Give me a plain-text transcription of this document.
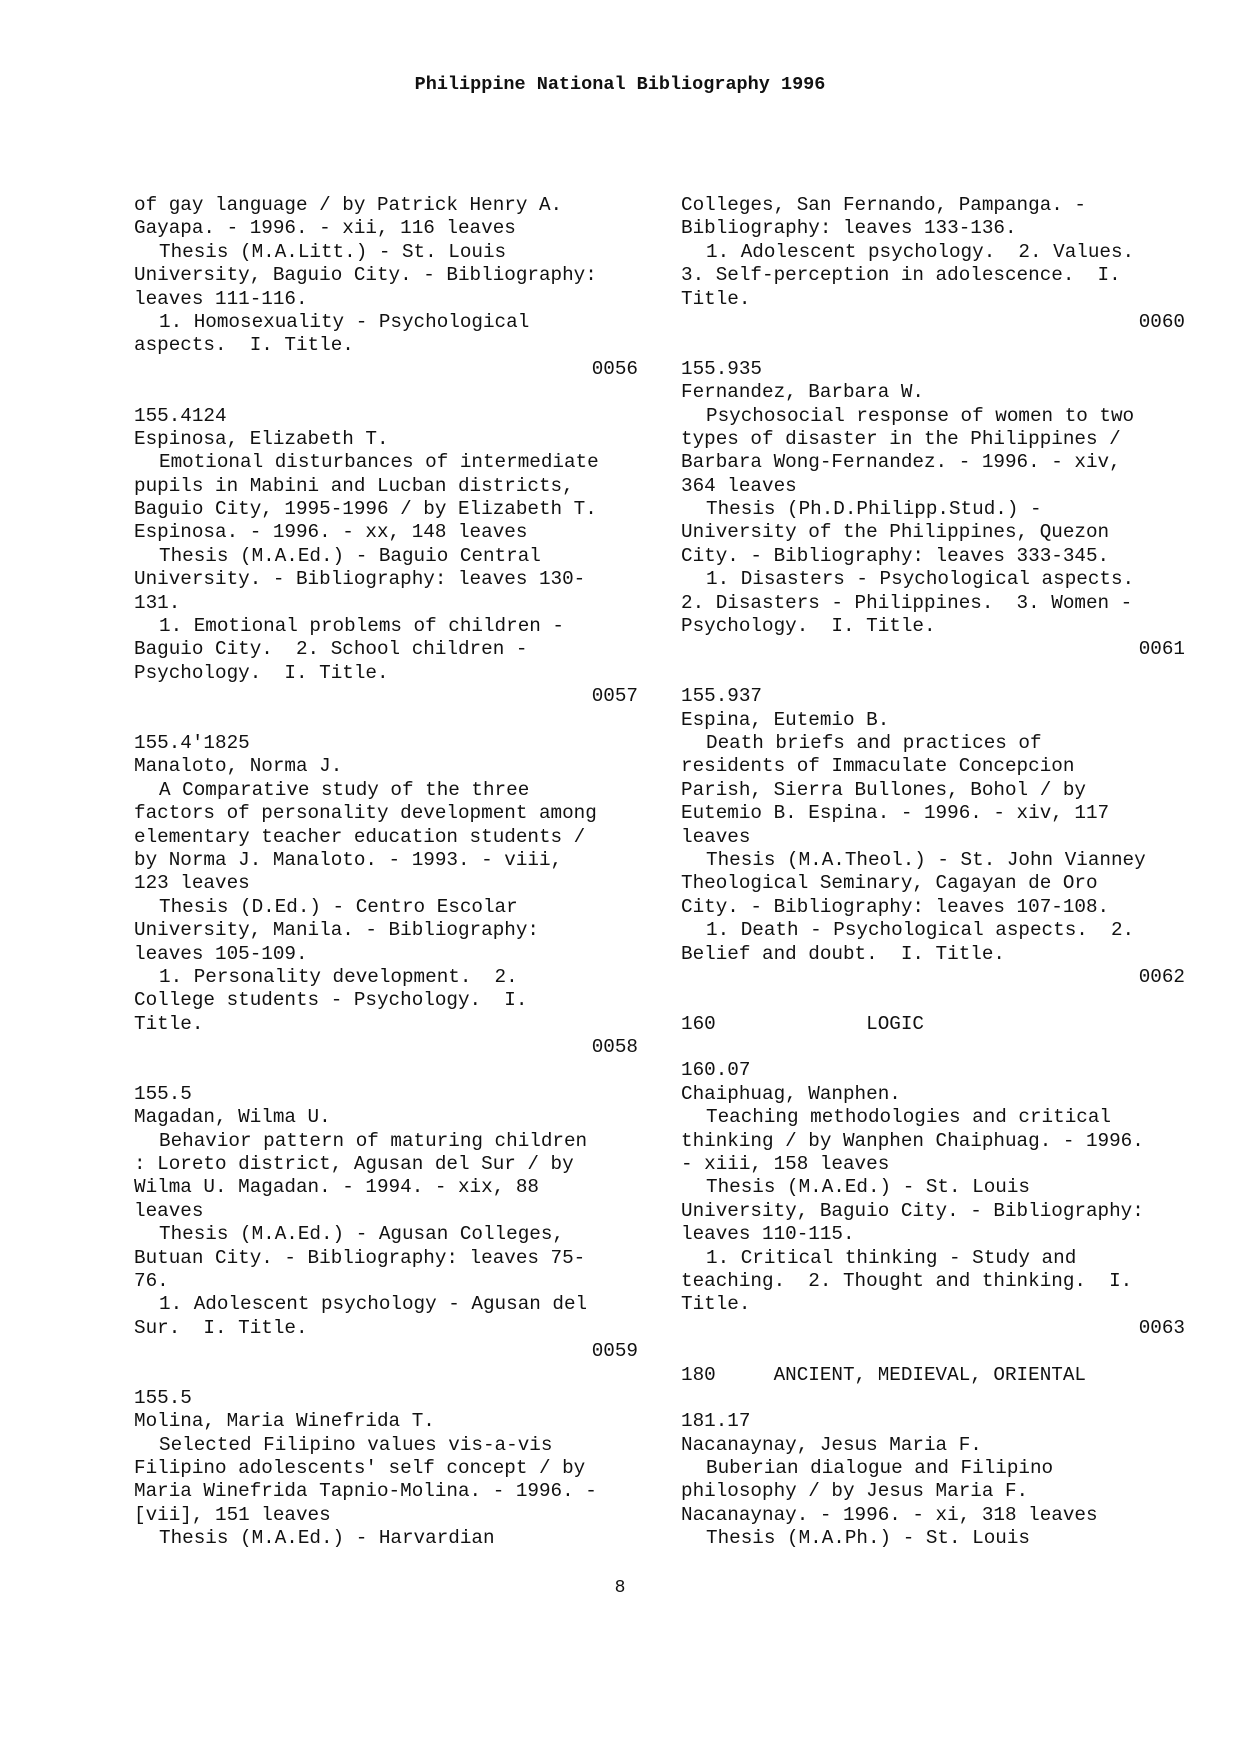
Philippine National Bibliography 1996
of gay language / by Patrick Henry A.
Gayapa. - 1996. - xii, 116 leaves
Thesis (M.A.Litt.) - St. Louis
University, Baguio City. - Bibliography:
leaves 111-116.
1. Homosexuality - Psychological
aspects.  I. Title.
0056
155.4124
Espinosa, Elizabeth T.
Emotional disturbances of intermediate
pupils in Mabini and Lucban districts,
Baguio City, 1995-1996 / by Elizabeth T.
Espinosa. - 1996. - xx, 148 leaves
Thesis (M.A.Ed.) - Baguio Central
University. - Bibliography: leaves 130-
131.
1. Emotional problems of children -
Baguio City.  2. School children -
Psychology.  I. Title.
0057
155.4'1825
Manaloto, Norma J.
A Comparative study of the three
factors of personality development among
elementary teacher education students /
by Norma J. Manaloto. - 1993. - viii,
123 leaves
Thesis (D.Ed.) - Centro Escolar
University, Manila. - Bibliography:
leaves 105-109.
1. Personality development.  2.
College students - Psychology.  I.
Title.
0058
155.5
Magadan, Wilma U.
Behavior pattern of maturing children
: Loreto district, Agusan del Sur / by
Wilma U. Magadan. - 1994. - xix, 88
leaves
Thesis (M.A.Ed.) - Agusan Colleges,
Butuan City. - Bibliography: leaves 75-
76.
1. Adolescent psychology - Agusan del
Sur.  I. Title.
0059
155.5
Molina, Maria Winefrida T.
Selected Filipino values vis-a-vis
Filipino adolescents' self concept / by
Maria Winefrida Tapnio-Molina. - 1996. -
[vii], 151 leaves
Thesis (M.A.Ed.) - Harvardian
Colleges, San Fernando, Pampanga. -
Bibliography: leaves 133-136.
1. Adolescent psychology.  2. Values.
3. Self-perception in adolescence.  I.
Title.
0060
155.935
Fernandez, Barbara W.
Psychosocial response of women to two
types of disaster in the Philippines /
Barbara Wong-Fernandez. - 1996. - xiv,
364 leaves
Thesis (Ph.D.Philipp.Stud.) -
University of the Philippines, Quezon
City. - Bibliography: leaves 333-345.
1. Disasters - Psychological aspects.
2. Disasters - Philippines.  3. Women -
Psychology.  I. Title.
0061
155.937
Espina, Eutemio B.
Death briefs and practices of
residents of Immaculate Concepcion
Parish, Sierra Bullones, Bohol / by
Eutemio B. Espina. - 1996. - xiv, 117
leaves
Thesis (M.A.Theol.) - St. John Vianney
Theological Seminary, Cagayan de Oro
City. - Bibliography: leaves 107-108.
1. Death - Psychological aspects.  2.
Belief and doubt.  I. Title.
0062
160             LOGIC
160.07
Chaiphuag, Wanphen.
Teaching methodologies and critical
thinking / by Wanphen Chaiphuag. - 1996.
- xiii, 158 leaves
Thesis (M.A.Ed.) - St. Louis
University, Baguio City. - Bibliography:
leaves 110-115.
1. Critical thinking - Study and
teaching.  2. Thought and thinking.  I.
Title.
0063
180     ANCIENT, MEDIEVAL, ORIENTAL
181.17
Nacanaynay, Jesus Maria F.
Buberian dialogue and Filipino
philosophy / by Jesus Maria F.
Nacanaynay. - 1996. - xi, 318 leaves
Thesis (M.A.Ph.) - St. Louis
8
